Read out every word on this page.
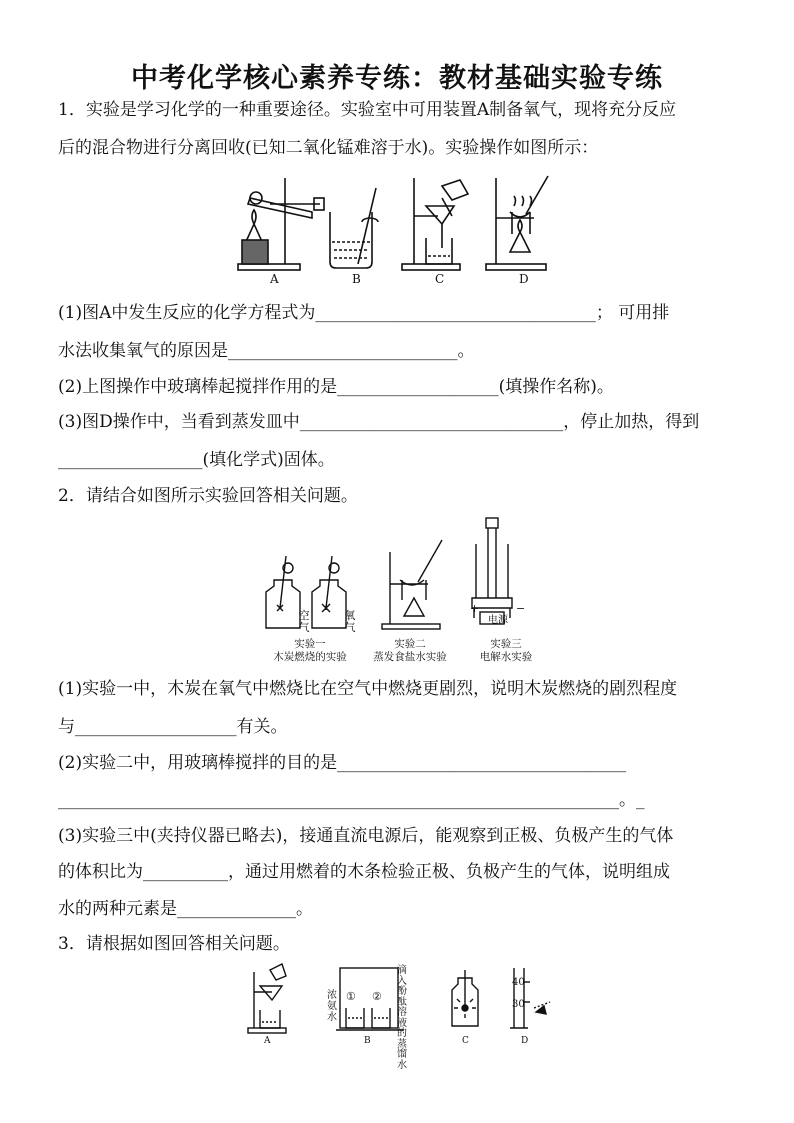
中考化学核心素养专练：教材基础实验专练
1．实验是学习化学的一种重要途径。实验室中可用装置A制备氧气，现将充分反应
后的混合物进行分离回收(已知二氧化锰难溶于水)。实验操作如图所示：
A	B	C	D
(1)图A中发生反应的化学方程式为_________________________________； 可用排
水法收集氧气的原因是___________________________。
(2)上图操作中玻璃棒起搅拌作用的是___________________(填操作名称)。
(3)图D操作中，当看到蒸发皿中_______________________________，停止加热，得到
_________________(填化学式)固体。
2．请结合如图所示实验回答相关问题。
空气
氧气
电源
+	−
实验一
木炭燃烧的实验
实验二
蒸发食盐水实验
实验三
电解水实验
(1)实验一中，木炭在氧气中燃烧比在空气中燃烧更剧烈，说明木炭燃烧的剧烈程度
与___________________有关。
(2)实验二中，用玻璃棒搅拌的目的是__________________________________
__________________________________________________________________。_
(3)实验三中(夹持仪器已略去)，接通直流电源后，能观察到正极、负极产生的气体
的体积比为__________，通过用燃着的木条检验正极、负极产生的气体，说明组成
水的两种元素是______________。
3．请根据如图回答相关问题。
A	B	C	D
浓氨水
① ②
滴入酚酞溶液的蒸馏水
40
30
